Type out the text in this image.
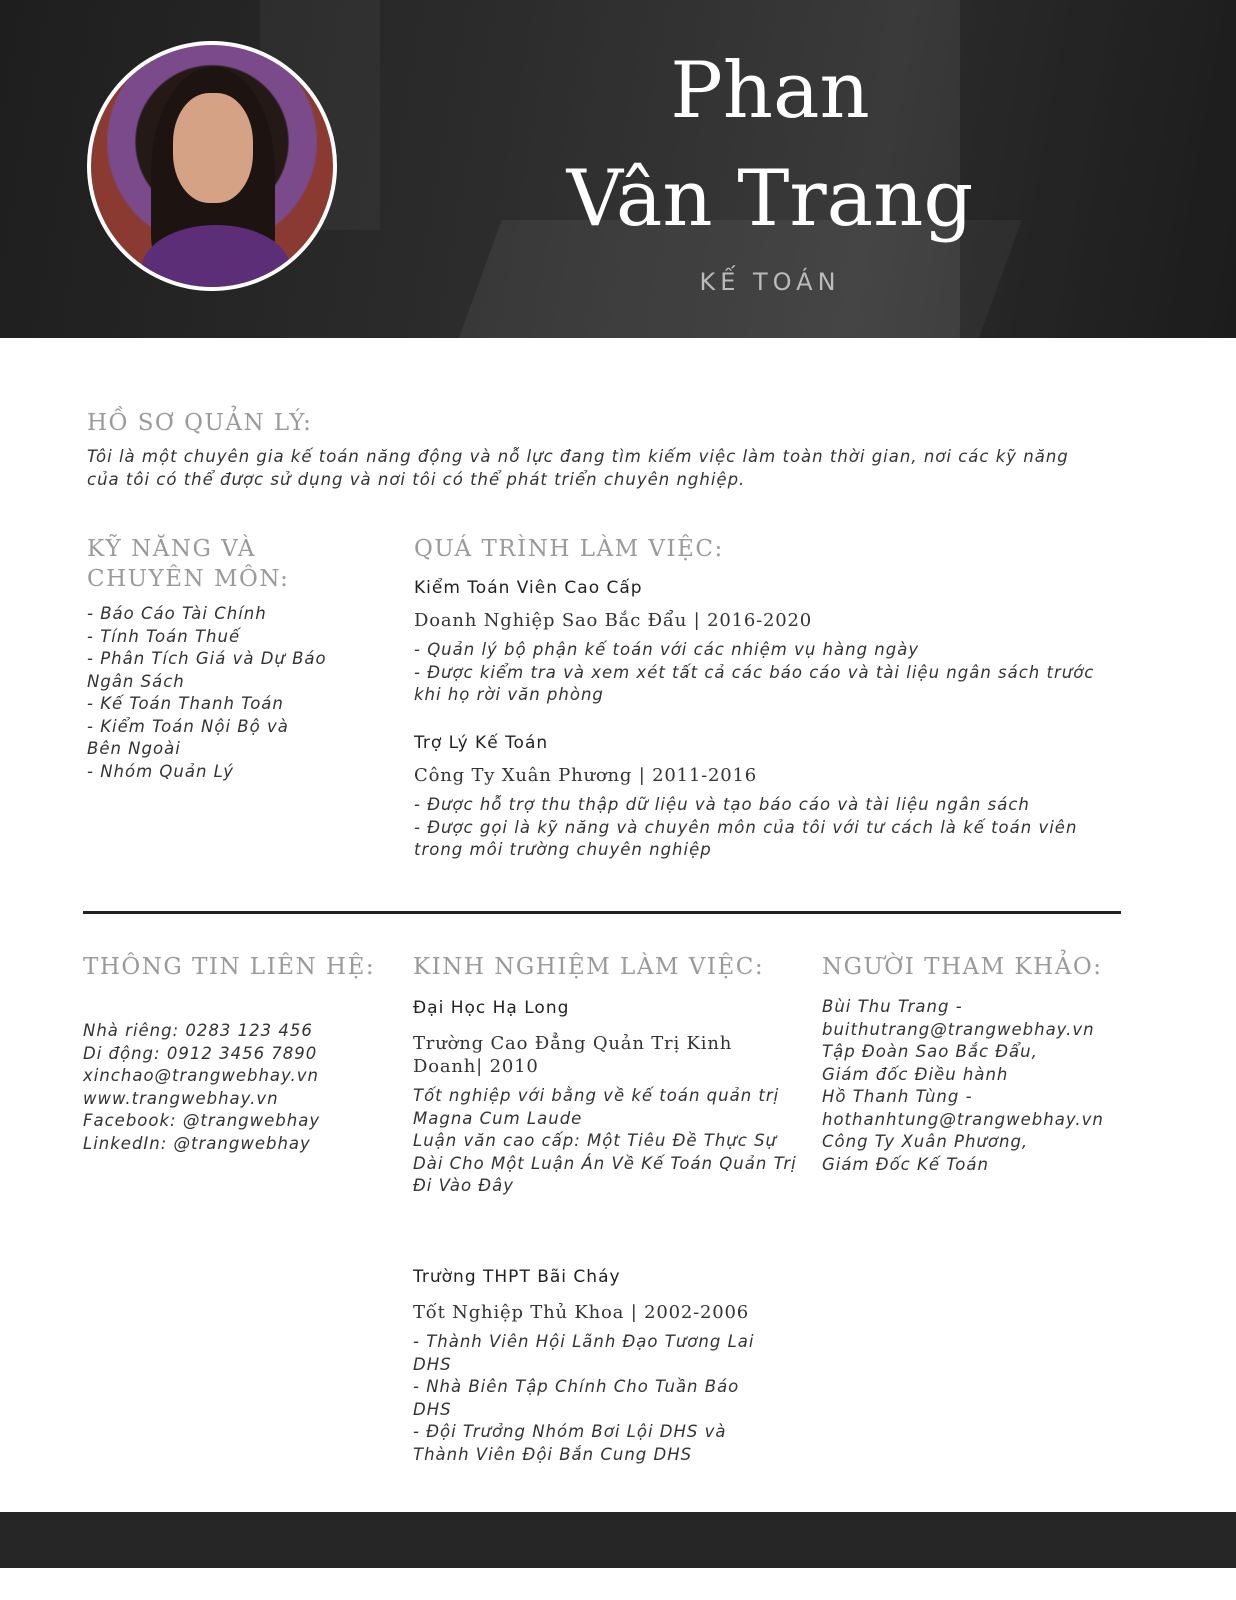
Phan
Vân Trang
KẾ TOÁN
HỒ SƠ QUẢN LÝ:
Tôi là một chuyên gia kế toán năng động và nỗ lực đang tìm kiếm việc làm toàn thời gian, nơi các kỹ năng của tôi có thể được sử dụng và nơi tôi có thể phát triển chuyên nghiệp.
KỸ NĂNG VÀ
CHUYÊN MÔN:
- Báo Cáo Tài Chính
- Tính Toán Thuế
- Phân Tích Giá và Dự Báo Ngân Sách
- Kế Toán Thanh Toán
- Kiểm Toán Nội Bộ và Bên Ngoài
- Nhóm Quản Lý
QUÁ TRÌNH LÀM VIỆC:
Kiểm Toán Viên Cao Cấp
Doanh Nghiệp Sao Bắc Đẩu | 2016-2020
- Quản lý bộ phận kế toán với các nhiệm vụ hàng ngày
- Được kiểm tra và xem xét tất cả các báo cáo và tài liệu ngân sách trước khi họ rời văn phòng
Trợ Lý Kế Toán
Công Ty Xuân Phương | 2011-2016
- Được hỗ trợ thu thập dữ liệu và tạo báo cáo và tài liệu ngân sách
- Được gọi là kỹ năng và chuyên môn của tôi với tư cách là kế toán viên trong môi trường chuyên nghiệp
THÔNG TIN LIÊN HỆ:
Nhà riêng: 0283 123 456
Di động: 0912 3456 7890
xinchao@trangwebhay.vn
www.trangwebhay.vn
Facebook: @trangwebhay
LinkedIn: @trangwebhay
KINH NGHIỆM LÀM VIỆC:
Đại Học Hạ Long
Trường Cao Đẳng Quản Trị Kinh Doanh| 2010
Tốt nghiệp với bằng về kế toán quản trị Magna Cum Laude
Luận văn cao cấp: Một Tiêu Đề Thực Sự Dài Cho Một Luận Án Về Kế Toán Quản Trị Đi Vào Đây
Trường THPT Bãi Cháy
Tốt Nghiệp Thủ Khoa | 2002-2006
- Thành Viên Hội Lãnh Đạo Tương Lai DHS
- Nhà Biên Tập Chính Cho Tuần Báo DHS
- Đội Trưởng Nhóm Bơi Lội DHS và Thành Viên Đội Bắn Cung DHS
NGƯỜI THAM KHẢO:
Bùi Thu Trang -
buithutrang@trangwebhay.vn
Tập Đoàn Sao Bắc Đẩu,
Giám đốc Điều hành
Hồ Thanh Tùng -
hothanhtung@trangwebhay.vn
Công Ty Xuân Phương,
Giám Đốc Kế Toán
